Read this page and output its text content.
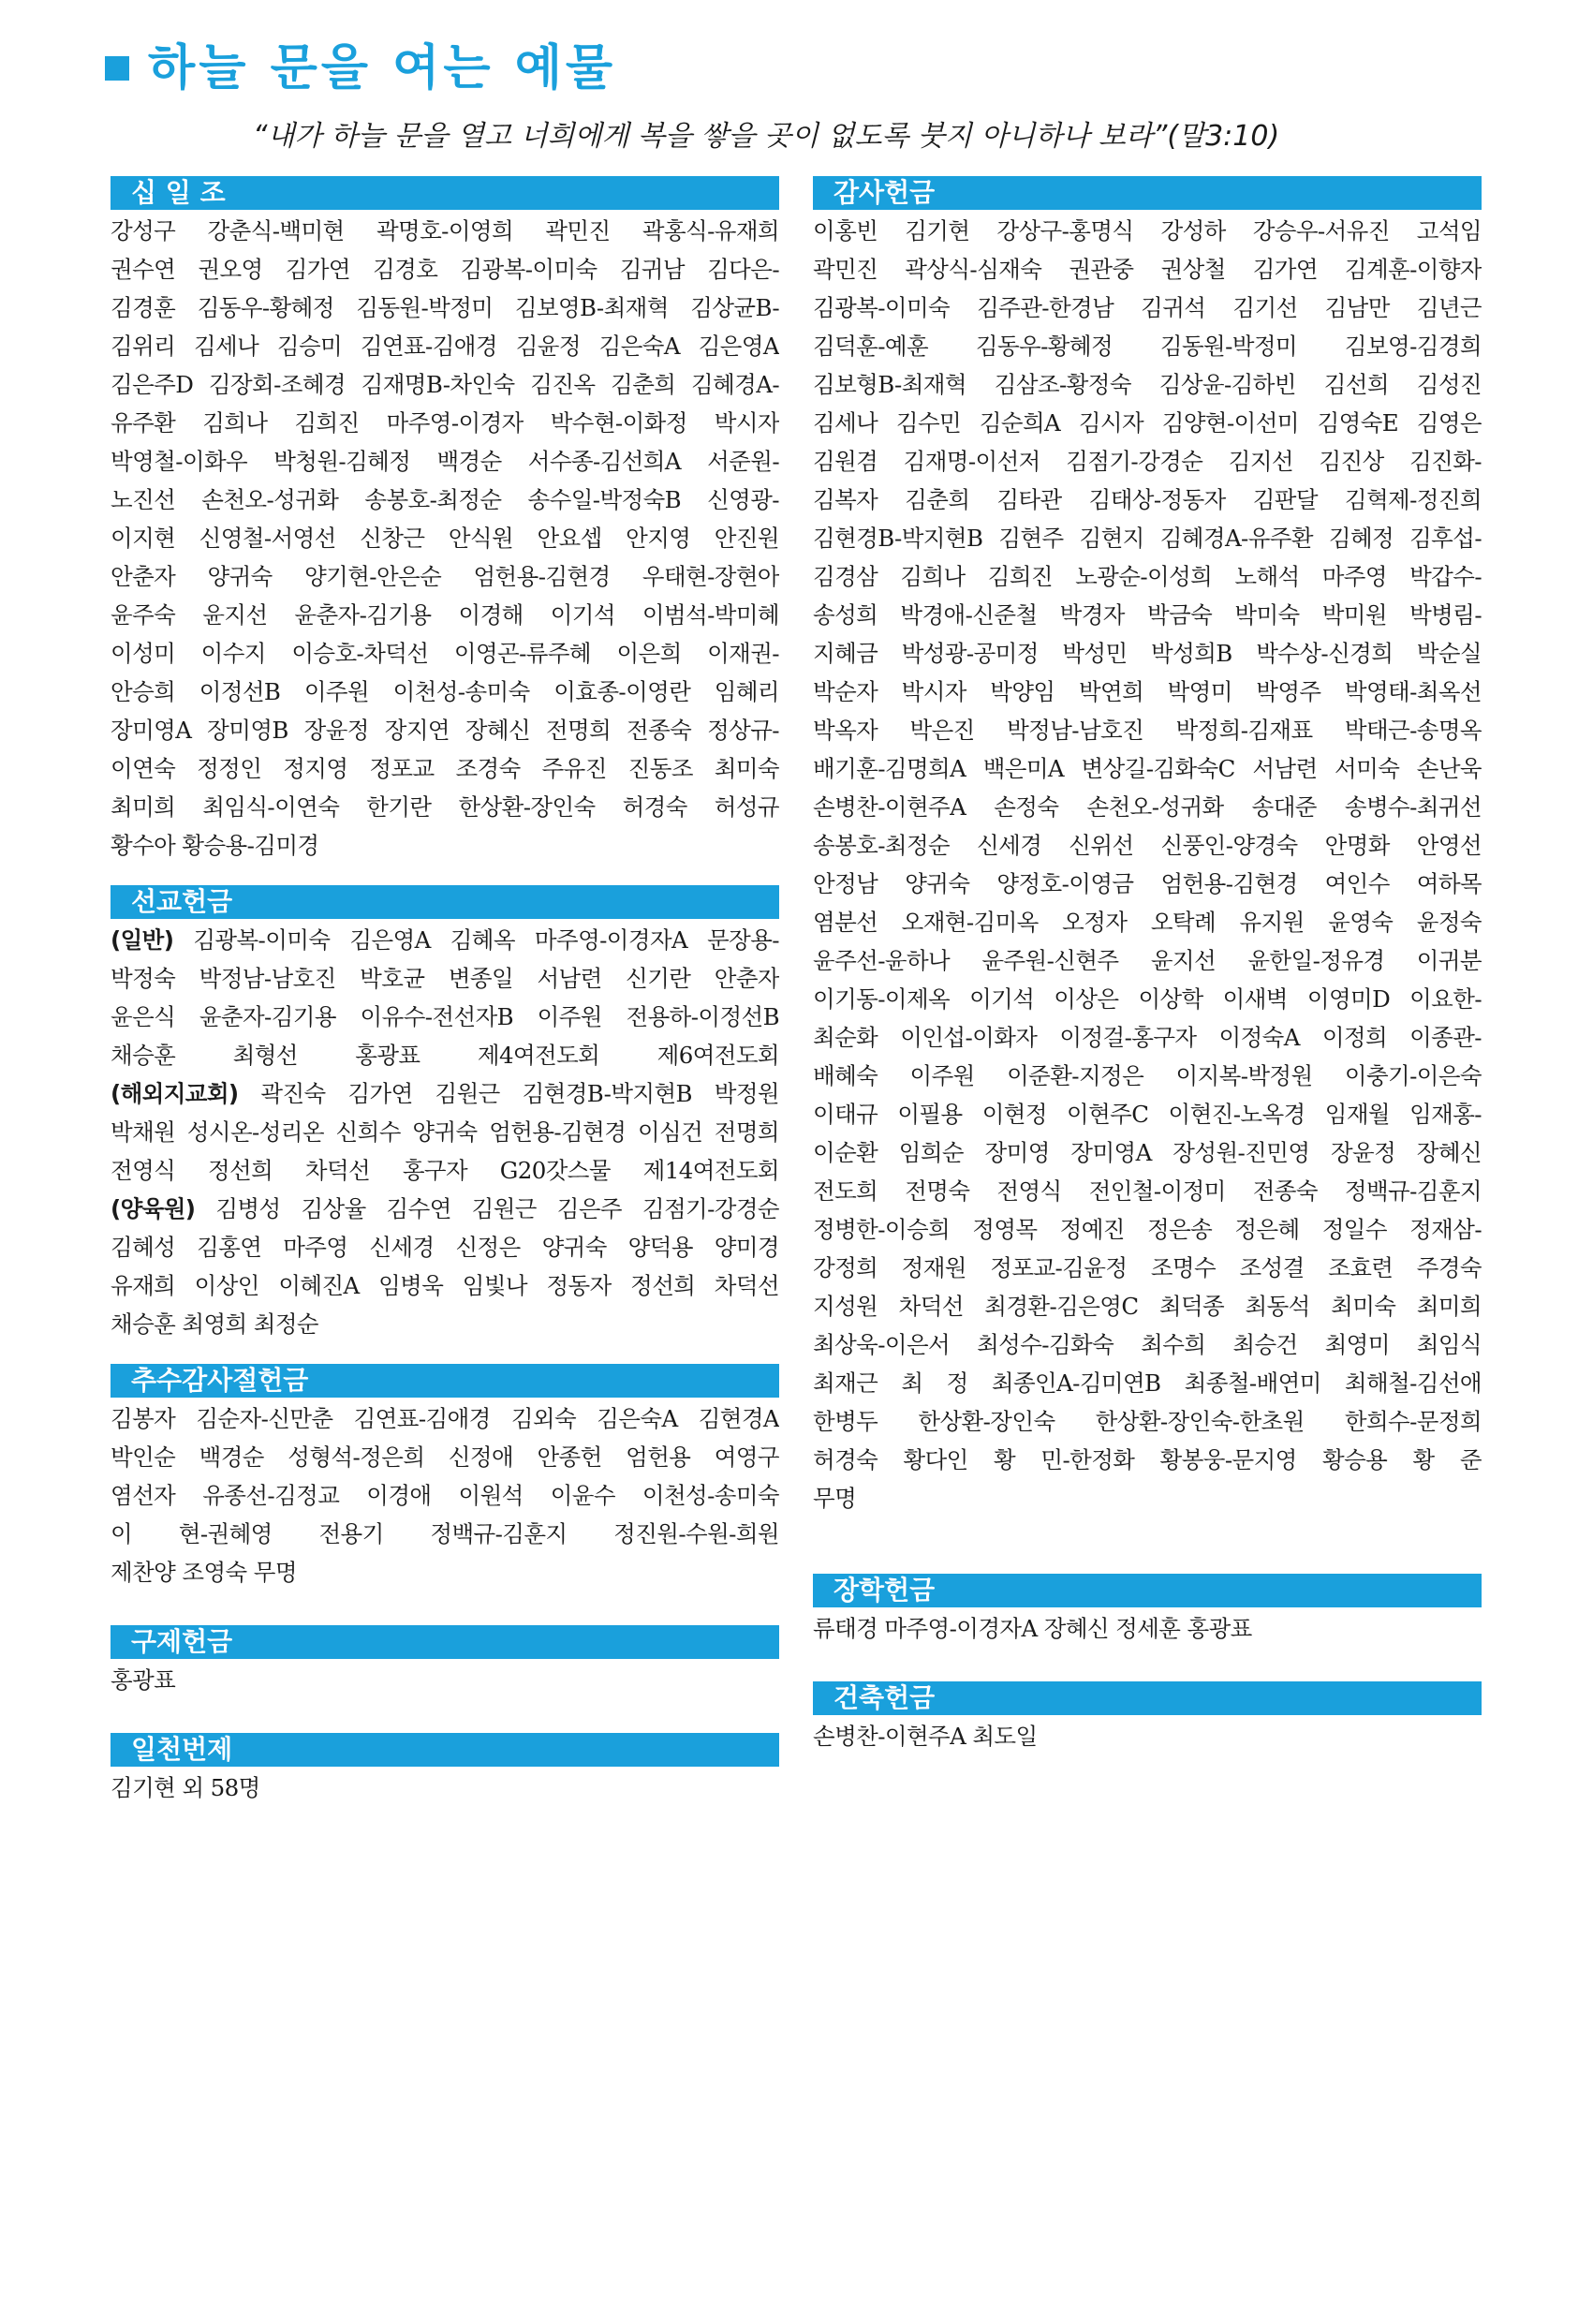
하늘 문을 여는 예물
“내가 하늘 문을 열고 너희에게 복을 쌓을 곳이 없도록 붓지 아니하나 보라”(말3:10)
십 일 조
강성구 강춘식-백미현 곽명호-이영희 곽민진 곽홍식-유재희
권수연 권오영 김가연 김경호 김광복-이미숙 김귀남 김다은-
김경훈 김동우-황혜정 김동원-박정미 김보영B-최재혁 김상균B-
김위리 김세나 김승미 김연표-김애경 김윤정 김은숙A 김은영A
김은주D 김장회-조혜경 김재명B-차인숙 김진옥 김춘희 김혜경A-
유주환 김희나 김희진 마주영-이경자 박수현-이화정 박시자
박영철-이화우 박청원-김혜정 백경순 서수종-김선희A 서준원-
노진선 손천오-성귀화 송봉호-최정순 송수일-박정숙B 신영광-
이지현 신영철-서영선 신창근 안식원 안요셉 안지영 안진원
안춘자 양귀숙 양기현-안은순 엄헌용-김현경 우태현-장현아
윤주숙 윤지선 윤춘자-김기용 이경해 이기석 이범석-박미혜
이성미 이수지 이승호-차덕선 이영곤-류주혜 이은희 이재권-
안승희 이정선B 이주원 이천성-송미숙 이효종-이영란 임혜리
장미영A 장미영B 장윤정 장지연 장혜신 전명희 전종숙 정상규-
이연숙 정정인 정지영 정포교 조경숙 주유진 진동조 최미숙
최미희 최임식-이연숙 한기란 한상환-장인숙 허경숙 허성규
황수아 황승용-김미경
선교헌금
(일반) 김광복-이미숙 김은영A 김혜옥 마주영-이경자A 문장용-
박정숙 박정남-남호진 박호균 변종일 서남련 신기란 안춘자
윤은식 윤춘자-김기용 이유수-전선자B 이주원 전용하-이정선B
채승훈 최형선 홍광표 제4여전도회 제6여전도회
(해외지교회) 곽진숙 김가연 김원근 김현경B-박지현B 박정원
박채원 성시온-성리온 신희수 양귀숙 엄헌용-김현경 이심건 전명희
전영식 정선희 차덕선 홍구자 G20갓스물 제14여전도회
(양육원) 김병성 김상율 김수연 김원근 김은주 김점기-강경순
김혜성 김홍연 마주영 신세경 신정은 양귀숙 양덕용 양미경
유재희 이상인 이혜진A 임병욱 임빛나 정동자 정선희 차덕선
채승훈 최영희 최정순
추수감사절헌금
김봉자 김순자-신만춘 김연표-김애경 김외숙 김은숙A 김현경A
박인순 백경순 성형석-정은희 신정애 안종헌 엄헌용 여영구
염선자 유종선-김정교 이경애 이원석 이윤수 이천성-송미숙
이 현-권혜영 전용기 정백규-김훈지 정진원-수원-희원
제찬양 조영숙 무명
구제헌금
홍광표
일천번제
김기현 외 58명
감사헌금
이홍빈 김기현 강상구-홍명식 강성하 강승우-서유진 고석임
곽민진 곽상식-심재숙 권관중 권상철 김가연 김계훈-이향자
김광복-이미숙 김주관-한경남 김귀석 김기선 김남만 김년근
김덕훈-예훈 김동우-황혜정 김동원-박정미 김보영-김경희
김보형B-최재혁 김삼조-황정숙 김상윤-김하빈 김선희 김성진
김세나 김수민 김순희A 김시자 김양현-이선미 김영숙E 김영은
김원겸 김재명-이선저 김점기-강경순 김지선 김진상 김진화-
김복자 김춘희 김타관 김태상-정동자 김판달 김혁제-정진희
김현경B-박지현B 김현주 김현지 김혜경A-유주환 김혜정 김후섭-
김경삼 김희나 김희진 노광순-이성희 노해석 마주영 박갑수-
송성희 박경애-신준철 박경자 박금숙 박미숙 박미원 박병림-
지혜금 박성광-공미정 박성민 박성희B 박수상-신경희 박순실
박순자 박시자 박양임 박연희 박영미 박영주 박영태-최옥선
박옥자 박은진 박정남-남호진 박정희-김재표 박태근-송명옥
배기훈-김명희A 백은미A 변상길-김화숙C 서남련 서미숙 손난욱
손병찬-이현주A 손정숙 손천오-성귀화 송대준 송병수-최귀선
송봉호-최정순 신세경 신위선 신풍인-양경숙 안명화 안영선
안정남 양귀숙 양정호-이영금 엄헌용-김현경 여인수 여하목
염분선 오재현-김미옥 오정자 오탁례 유지원 윤영숙 윤정숙
윤주선-윤하나 윤주원-신현주 윤지선 윤한일-정유경 이귀분
이기동-이제옥 이기석 이상은 이상학 이새벽 이영미D 이요한-
최순화 이인섭-이화자 이정걸-홍구자 이정숙A 이정희 이종관-
배혜숙 이주원 이준환-지정은 이지복-박정원 이충기-이은숙
이태규 이필용 이현정 이현주C 이현진-노옥경 임재월 임재홍-
이순환 임희순 장미영 장미영A 장성원-진민영 장윤정 장혜신
전도희 전명숙 전영식 전인철-이정미 전종숙 정백규-김훈지
정병한-이승희 정영목 정예진 정은송 정은혜 정일수 정재삼-
강정희 정재원 정포교-김윤정 조명수 조성결 조효련 주경숙
지성원 차덕선 최경환-김은영C 최덕종 최동석 최미숙 최미희
최상욱-이은서 최성수-김화숙 최수희 최승건 최영미 최임식
최재근 최 정 최종인A-김미연B 최종철-배연미 최해철-김선애
한병두 한상환-장인숙 한상환-장인숙-한초원 한희수-문정희
허경숙 황다인 황 민-한정화 황봉웅-문지영 황승용 황 준
무명
장학헌금
류태경 마주영-이경자A 장혜신 정세훈 홍광표
건축헌금
손병찬-이현주A 최도일
